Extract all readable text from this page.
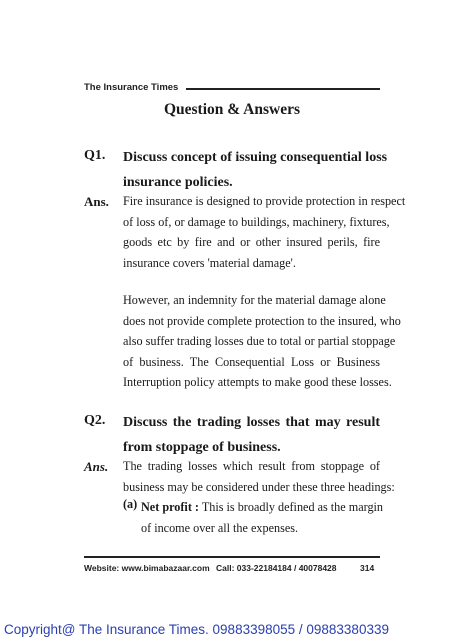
The Insurance Times
Question & Answers
Q1. Discuss concept of issuing consequential loss
insurance policies.
Ans. Fire insurance is designed to provide protection in respect
of loss of, or damage to buildings, machinery, fixtures,
goods etc by fire and or other insured perils, fire
insurance covers 'material damage'.
However, an indemnity for the material damage alone
does not provide complete protection to the insured, who
also suffer trading losses due to total or partial stoppage
of business. The Consequential Loss or Business
Interruption policy attempts to make good these losses.
Q2. Discuss the trading losses that may result
from stoppage of business.
Ans. The trading losses which result from stoppage of
business may be considered under these three headings:
(a) Net profit : This is broadly defined as the margin
of income over all the expenses.
Website: www.bimabazaar.com Call: 033-22184184 / 40078428	314
Copyright@ The Insurance Times. 09883398055 / 09883380339
